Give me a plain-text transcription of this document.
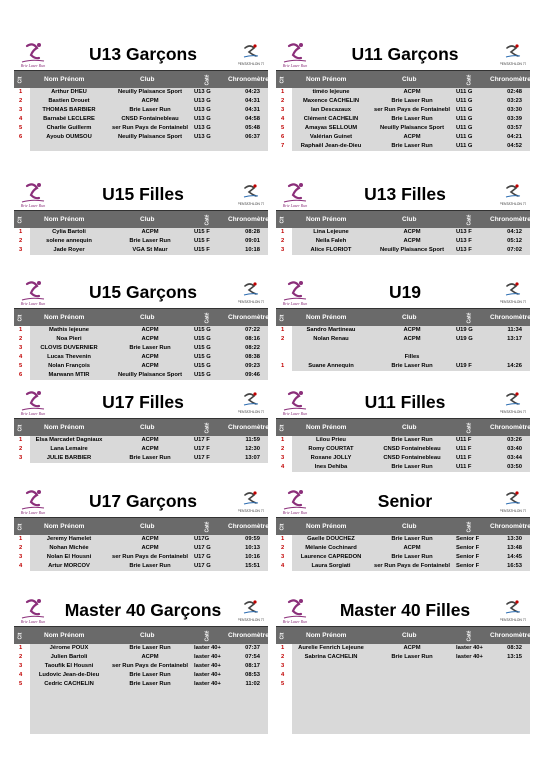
Brie Laser Run
U13 Garçons	PENTATHLON 77
Clt	Nom Prénom	Club	Caté	Chronomètre
1	Arthur DHEU	Neuilly Plaisance Sport	U13 G	04:23
2	Bastien Drouet	ACPM	U13 G	04:31
3	THOMAS BARBIER	Brie Laser Run	U13 G	04:31
4	Barnabé LECLERE	CNSD Fontainebleau	U13 G	04:58
5	Charlie Guillerm	ser Run Pays de Fontainebl	U13 G	05:48
6	Ayoub OUMSOU	Neuilly Plaisance Sport	U13 G	06:37
Brie Laser Run
U11 Garçons	PENTATHLON 77
Clt	Nom Prénom	Club	Caté	Chronomètre
1	timéo lejeune	ACPM	U11 G	02:48
2	Maxence CACHELIN	Brie Laser Run	U11 G	03:23
3	Ian Descazaux	ser Run Pays de Fontainebl	U11 G	03:30
4	Clément CACHELIN	Brie Laser Run	U11 G	03:39
5	Amayas SELLOUM	Neuilly Plaisance Sport	U11 G	03:57
6	Valérian Guinet	ACPM	U11 G	04:21
7	Raphaël Jean-de-Dieu	Brie Laser Run	U11 G	04:52
Brie Laser Run
U15 Filles	PENTATHLON 77
Clt	Nom Prénom	Club	Caté	Chronomètre
1	Cylia Bartoli	ACPM	U15 F	08:28
2	solene annequin	Brie Laser Run	U15 F	09:01
3	Jade Royer	VGA St Maur	U15 F	10:18
Brie Laser Run
U13 Filles	PENTATHLON 77
Clt	Nom Prénom	Club	Caté	Chronomètre
1	Lina Lejeune	ACPM	U13 F	04:12
2	Neila Faleh	ACPM	U13 F	05:12
3	Alice FLORIOT	Neuilly Plaisance Sport	U13 F	07:02
Brie Laser Run
U15 Garçons	PENTATHLON 77
Clt	Nom Prénom	Club	Caté	Chronomètre
1	Mathis lejeune	ACPM	U15 G	07:22
2	Noa Pieri	ACPM	U15 G	08:16
3	CLOVIS DUVERNIER	Brie Laser Run	U15 G	08:22
4	Lucas Thevenin	ACPM	U15 G	08:38
5	Nolan François	ACPM	U15 G	09:23
6	Marwann MTIR	Neuilly Plaisance Sport	U15 G	09:46
Brie Laser Run
U19	PENTATHLON 77
Clt	Nom Prénom	Club	Caté	Chronomètre
1	Sandro Martineau	ACPM	U19 G	11:34
2	Nolan Renau	ACPM	U19 G	13:17
Filles
1	Suane Annequin	Brie Laser Run	U19 F	14:26
Brie Laser Run
U17 Filles	PENTATHLON 77
Clt	Nom Prénom	Club	Caté	Chronomètre
1 Elsa Marcadet Dagniaux	ACPM	U17 F	11:59
2	Lana Lemaire	ACPM	U17 F	12:30
3	JULIE BARBIER	Brie Laser Run	U17 F	13:07
Brie Laser Run
U11 Filles	PENTATHLON 77
Clt	Nom Prénom	Club	Caté	Chronomètre
1	Lilou Prieu	Brie Laser Run	U11 F	03:26
2	Romy COURTAT	CNSD Fontainebleau	U11 F	03:40
3	Roxane JOLLY	CNSD Fontainebleau	U11 F	03:44
4	Ines Dehiba	Brie Laser Run	U11 F	03:50
Brie Laser Run
U17 Garçons	PENTATHLON 77
Clt	Nom Prénom	Club	Caté	Chronomètre
1	Jeremy Hamelet	ACPM	U17G	09:59
2	Nohan Michée	ACPM	U17 G	10:13
3	Nolan El Housni	ser Run Pays de Fontainebl	U17 G	10:16
4	Artur MORCOV	Brie Laser Run	U17 G	15:51
Brie Laser Run
Senior	PENTATHLON 77
Clt	Nom Prénom	Club	Caté	Chronomètre
1	Gaelle DOUCHEZ	Brie Laser Run	Senior F	13:30
2	Mélanie Cochinard	ACPM	Senior F	13:48
3	Laurence CAPREDON	Brie Laser Run	Senior F	14:45
4	Laura Sorgiati	ser Run Pays de Fontainebl	Senior F	16:53
Brie Laser Run
Master 40 Garçons	PENTATHLON 77
Clt	Nom Prénom	Club	Caté	Chronomètre
1	Jérome POUX	Brie Laser Run	laster 40+	07:37
2	Julien Bartoli	ACPM	laster 40+	07:54
3	Taoufik El Housni	ser Run Pays de Fontainebl	laster 40+	08:17
4	Ludovic Jean-de-Dieu	Brie Laser Run	laster 40+	08:53
5	Cedric CACHELIN	Brie Laser Run	laster 40+	11:02
Brie Laser Run
Master 40 Filles	PENTATHLON 77
Clt	Nom Prénom	Club	Caté	Chronomètre
1	Aurelie Fenrich Lejeune	ACPM	laster 40+	08:32
2	Sabrina CACHELIN	Brie Laser Run	laster 40+	13:15
3
4
5
